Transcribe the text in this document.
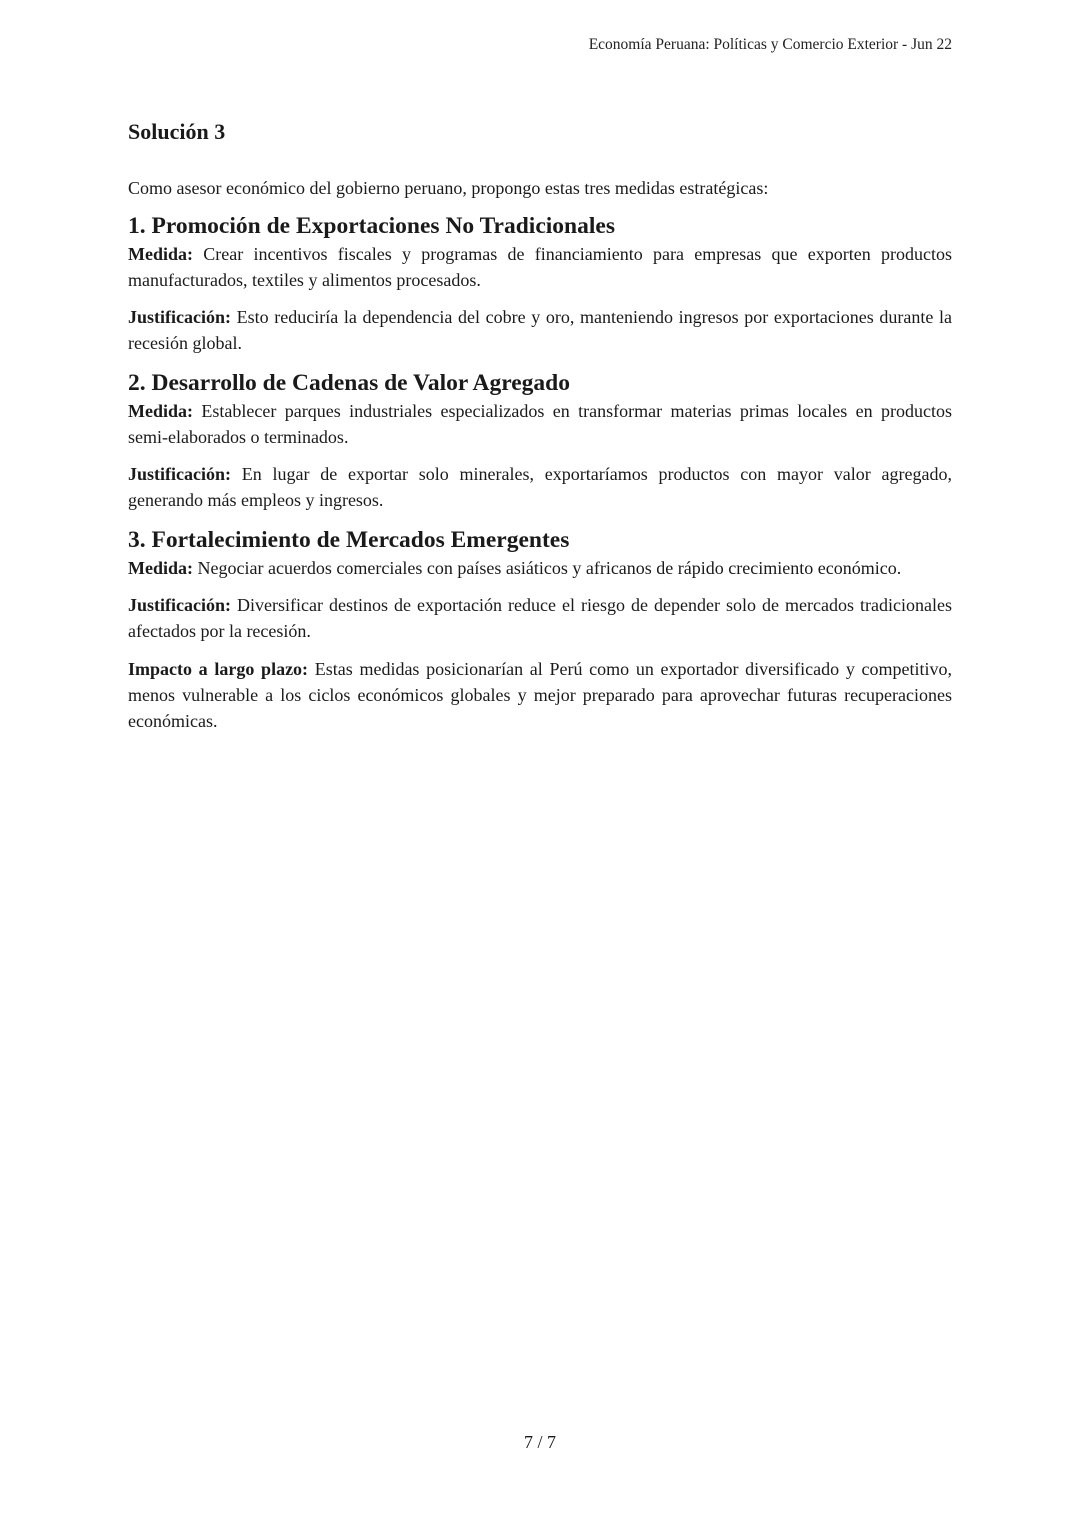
Economía Peruana: Políticas y Comercio Exterior - Jun 22
Solución 3

Como asesor económico del gobierno peruano, propongo estas tres medidas estratégicas:

1. Promoción de Exportaciones No Tradicionales

Medida: Crear incentivos fiscales y programas de financiamiento para empresas que exporten productos manufacturados, textiles y alimentos procesados.

Justificación: Esto reduciría la dependencia del cobre y oro, manteniendo ingresos por exportaciones durante la recesión global.

2. Desarrollo de Cadenas de Valor Agregado

Medida: Establecer parques industriales especializados en transformar materias primas locales en productos semi-elaborados o terminados.

Justificación: En lugar de exportar solo minerales, exportaríamos productos con mayor valor agregado, generando más empleos y ingresos.

3. Fortalecimiento de Mercados Emergentes

Medida: Negociar acuerdos comerciales con países asiáticos y africanos de rápido crecimiento económico.

Justificación: Diversificar destinos de exportación reduce el riesgo de depender solo de mercados tradicionales afectados por la recesión.

Impacto a largo plazo: Estas medidas posicionarían al Perú como un exportador diversificado y competitivo, menos vulnerable a los ciclos económicos globales y mejor preparado para aprovechar futuras recuperaciones económicas.

7 / 7
